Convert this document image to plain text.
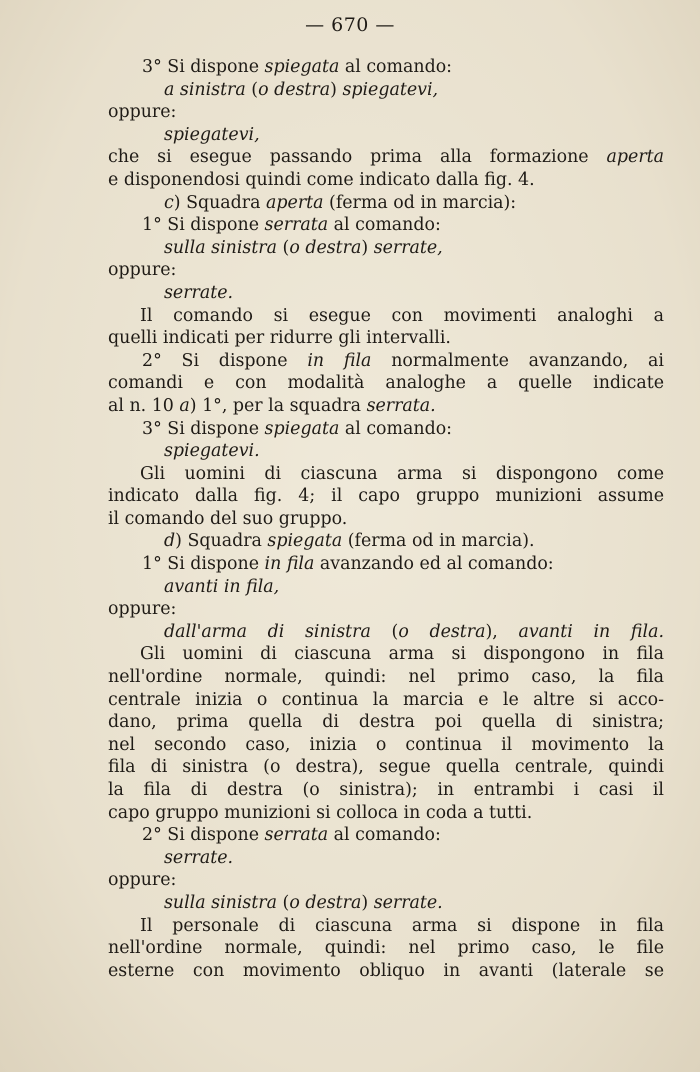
— 670 —
3° Si dispone spiegata al comando:
a sinistra (o destra) spiegatevi,
oppure:
spiegatevi,
che si esegue passando prima alla formazione aperta
e disponendosi quindi come indicato dalla fig. 4.
c) Squadra aperta (ferma od in marcia):
1° Si dispone serrata al comando:
sulla sinistra (o destra) serrate,
oppure:
serrate.
Il comando si esegue con movimenti analoghi a
quelli indicati per ridurre gli intervalli.
2° Si dispone in fila normalmente avanzando, ai
comandi e con modalità analoghe a quelle indicate
al n. 10 a) 1°, per la squadra serrata.
3° Si dispone spiegata al comando:
spiegatevi.
Gli uomini di ciascuna arma si dispongono come
indicato dalla fig. 4; il capo gruppo munizioni assume
il comando del suo gruppo.
d) Squadra spiegata (ferma od in marcia).
1° Si dispone in fila avanzando ed al comando:
avanti in fila,
oppure:
dall'arma di sinistra (o destra), avanti in fila.
Gli uomini di ciascuna arma si dispongono in fila
nell'ordine normale, quindi: nel primo caso, la fila
centrale inizia o continua la marcia e le altre si acco-
dano, prima quella di destra poi quella di sinistra;
nel secondo caso, inizia o continua il movimento la
fila di sinistra (o destra), segue quella centrale, quindi
la fila di destra (o sinistra); in entrambi i casi il
capo gruppo munizioni si colloca in coda a tutti.
2° Si dispone serrata al comando:
serrate.
oppure:
sulla sinistra (o destra) serrate.
Il personale di ciascuna arma si dispone in fila
nell'ordine normale, quindi: nel primo caso, le file
esterne con movimento obliquo in avanti (laterale se
